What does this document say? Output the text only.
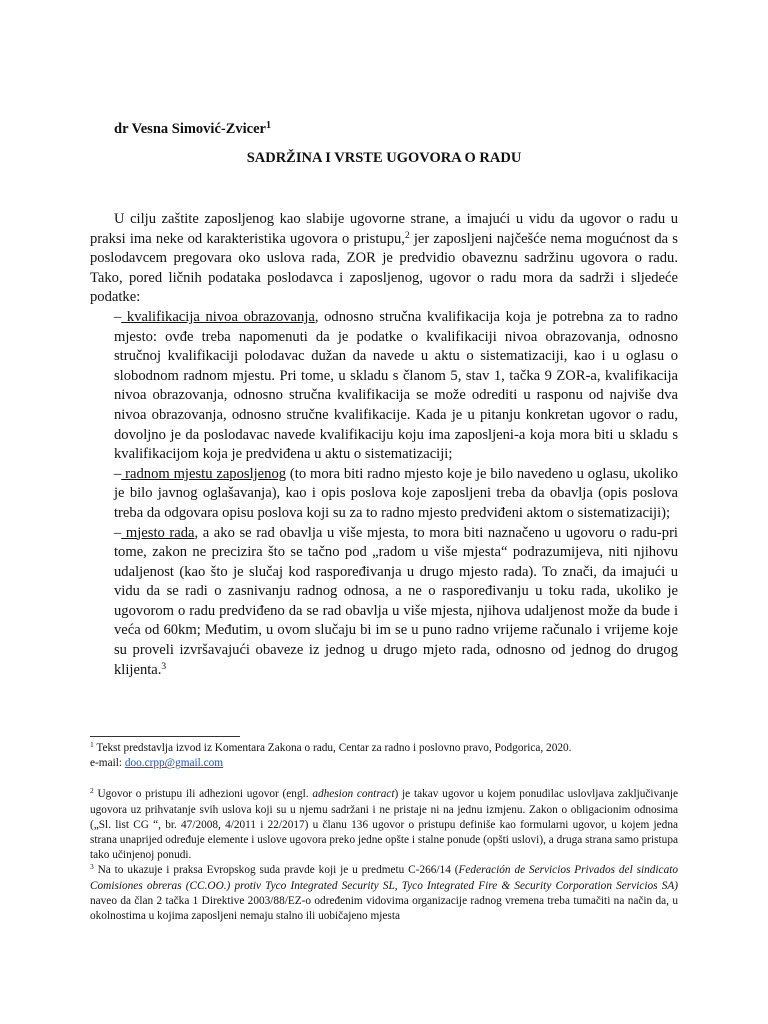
dr Vesna Simović-Zvicer$^1$
SADRŽINA I VRSTE UGOVORA O RADU

U cilju zaštite zaposljenog kao slabije ugovorne strane, a imajući u vidu da ugovor o radu u praksi ima neke od karakteristika ugovora o pristupu,$^2$ jer zaposljeni najčešće nema mogućnost da s poslodavcem pregovara oko uslova rada, ZOR je predvidio obaveznu sadržinu ugovora o radu. Tako, pored ličnih podataka poslodavca i zaposljenog, ugovor o radu mora da sadrži i sljedeće podatke:

– kvalifikacija nivoa obrazovanja, odnosno stručna kvalifikacija koja je potrebna za to radno mjesto: ovđe treba napomenuti da je podatke o kvalifikaciji nivoa obrazovanja, odnosno stručnoj kvalifikaciji polodavac dužan da navede u aktu o sistematizaciji, kao i u oglasu o slobodnom radnom mjestu. Pri tome, u skladu s članom 5, stav 1, tačka 9 ZOR-a, kvalifikacija nivoa obrazovanja, odnosno stručna kvalifikacija se može odrediti u rasponu od najviše dva nivoa obrazovanja, odnosno stručne kvalifikacije. Kada je u pitanju konkretan ugovor o radu, dovoljno je da poslodavac navede kvalifikaciju koju ima zaposljeni-a koja mora biti u skladu s kvalifikacijom koja je predviđena u aktu o sistematizaciji;

– radnom mjestu zaposljenog (to mora biti radno mjesto koje je bilo navedeno u oglasu, ukoliko je bilo javnog oglašavanja), kao i opis poslova koje zaposljeni treba da obavlja (opis poslova treba da odgovara opisu poslova koji su za to radno mjesto predviđeni aktom o sistematizaciji);

– mjesto rada, a ako se rad obavlja u više mjesta, to mora biti naznačeno u ugovoru o radu-pri tome, zakon ne precizira što se tačno pod „radom u više mjesta“ podrazumijeva, niti njihovu udaljenost (kao što je slučaj kod raspoređivanja u drugo mjesto rada). To znači, da imajući u vidu da se radi o zasnivanju radnog odnosa, a ne o raspoređivanju u toku rada, ukoliko je ugovorom o radu predviđeno da se rad obavlja u više mjesta, njihova udaljenost može da bude i veća od 60km; Međutim, u ovom slučaju bi im se u puno radno vrijeme računalo i vrijeme koje su proveli izvršavajući obaveze iz jednog u drugo mjeto rada, odnosno od jednog do drugog klijenta.$^3$

$^1$ Tekst predstavlja izvod iz Komentara Zakona o radu, Centar za radno i poslovno pravo, Podgorica, 2020.

e-mail: doo.crpp@gmail.com

$^2$ Ugovor o pristupu ili adhezioni ugovor (engl. adhesion contract) je takav ugovor u kojem ponudilac uslovljava zaključivanje ugovora uz prihvatanje svih uslova koji su u njemu sadržani i ne pristaje ni na jednu izmjenu. Zakon o obligacionim odnosima („Sl. list CG “, br. 47/2008, 4/2011 i 22/2017) u članu 136 ugovor o pristupu definiše kao formularni ugovor, u kojem jedna strana unaprijed određuje elemente i uslove ugovora preko jedne opšte i stalne ponude (opšti uslovi), a druga strana samo pristupa tako učinjenoj ponudi.

$^3$ Na to ukazuje i praksa Evropskog suda pravde koji je u predmetu C-266/14 (Federación de Servicios Privados del sindicato Comisiones obreras (CC.OO.) protiv Tyco Integrated Security SL, Tyco Integrated Fire & Security Corporation Servicios SA) naveo da član 2 tačka 1 Direktive 2003/88/EZ-o određenim vidovima organizacije radnog vremena treba tumačiti na način da, u okolnostima u kojima zaposljeni nemaju stalno ili uobičajeno mjesta
